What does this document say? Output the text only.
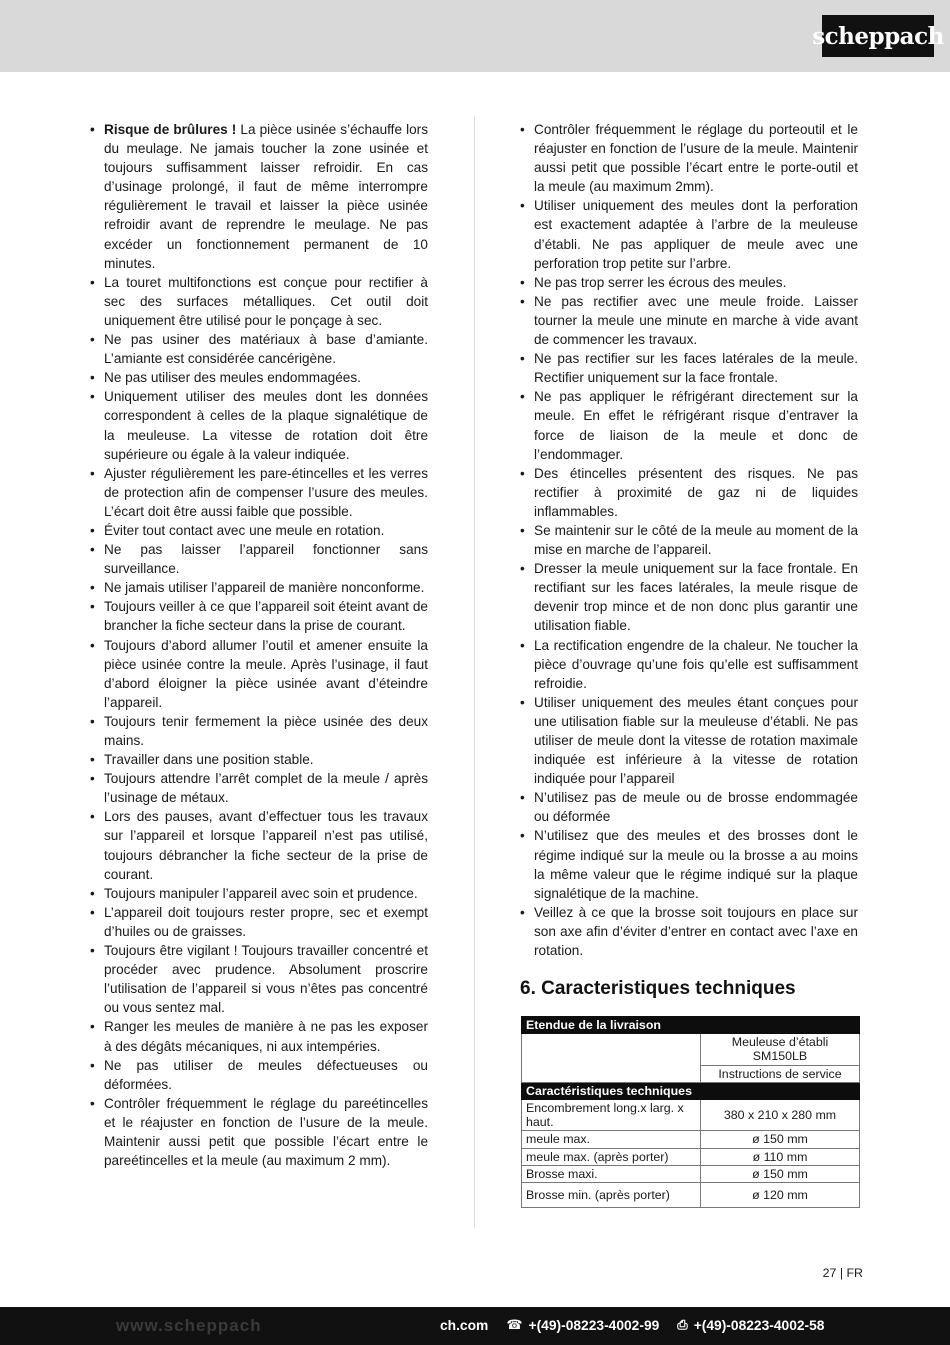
scheppach
• Risque de brûlures ! La pièce usinée s’échauffe lors du meulage. Ne jamais toucher la zone usinée et toujours suffisamment laisser refroidir. En cas d’usinage prolongé, il faut de même interrompre régulièrement le travail et laisser la pièce usinée refroidir avant de reprendre le meulage. Ne pas excéder un fonctionnement permanent de 10 minutes.
• La touret multifonctions est conçue pour rectifier à sec des surfaces métalliques. Cet outil doit uniquement être utilisé pour le ponçage à sec.
• Ne pas usiner des matériaux à base d’amiante. L’amiante est considérée cancérigène.
• Ne pas utiliser des meules endommagées.
• Uniquement utiliser des meules dont les données correspondent à celles de la plaque signalétique de la meuleuse. La vitesse de rotation doit être supérieure ou égale à la valeur indiquée.
• Ajuster régulièrement les pare-étincelles et les verres de protection afin de compenser l’usure des meules. L’écart doit être aussi faible que possible.
• Éviter tout contact avec une meule en rotation.
• Ne pas laisser l’appareil fonctionner sans surveillance.
• Ne jamais utiliser l’appareil de manière nonconforme.
• Toujours veiller à ce que l’appareil soit éteint avant de brancher la fiche secteur dans la prise de courant.
• Toujours d’abord allumer l’outil et amener ensuite la pièce usinée contre la meule. Après l’usinage, il faut d’abord éloigner la pièce usinée avant d’éteindre l’appareil.
• Toujours tenir fermement la pièce usinée des deux mains.
• Travailler dans une position stable.
• Toujours attendre l’arrêt complet de la meule / après l’usinage de métaux.
• Lors des pauses, avant d’effectuer tous les travaux sur l’appareil et lorsque l’appareil n’est pas utilisé, toujours débrancher la fiche secteur de la prise de courant.
• Toujours manipuler l’appareil avec soin et prudence.
• L’appareil doit toujours rester propre, sec et exempt d’huiles ou de graisses.
• Toujours être vigilant ! Toujours travailler concentré et procéder avec prudence. Absolument proscrire l’utilisation de l’appareil si vous n’êtes pas concentré ou vous sentez mal.
• Ranger les meules de manière à ne pas les exposer à des dégâts mécaniques, ni aux intempéries.
• Ne pas utiliser de meules défectueuses ou déformées.
• Contrôler fréquemment le réglage du pareétincelles et le réajuster en fonction de l’usure de la meule. Maintenir aussi petit que possible l’écart entre le pareétincelles et la meule (au maximum 2 mm).
• Contrôler fréquemment le réglage du porteoutil et le réajuster en fonction de l’usure de la meule. Maintenir aussi petit que possible l’écart entre le porte-outil et la meule (au maximum 2mm).
• Utiliser uniquement des meules dont la perforation est exactement adaptée à l’arbre de la meuleuse d’établi. Ne pas appliquer de meule avec une perforation trop petite sur l’arbre.
• Ne pas trop serrer les écrous des meules.
• Ne pas rectifier avec une meule froide. Laisser tourner la meule une minute en marche à vide avant de commencer les travaux.
• Ne pas rectifier sur les faces latérales de la meule. Rectifier uniquement sur la face frontale.
• Ne pas appliquer le réfrigérant directement sur la meule. En effet le réfrigérant risque d’entraver la force de liaison de la meule et donc de l’endommager.
• Des étincelles présentent des risques. Ne pas rectifier à proximité de gaz ni de liquides inflammables.
• Se maintenir sur le côté de la meule au moment de la mise en marche de l’appareil.
• Dresser la meule uniquement sur la face frontale. En rectifiant sur les faces latérales, la meule risque de devenir trop mince et de non donc plus garantir une utilisation fiable.
• La rectification engendre de la chaleur. Ne toucher la pièce d’ouvrage qu’une fois qu’elle est suffisamment refroidie.
• Utiliser uniquement des meules étant conçues pour une utilisation fiable sur la meuleuse d’établi. Ne pas utiliser de meule dont la vitesse de rotation maximale indiquée est inférieure à la vitesse de rotation indiquée pour l’appareil
• N’utilisez pas de meule ou de brosse endommagée ou déformée
• N’utilisez que des meules et des brosses dont le régime indiqué sur la meule ou la brosse a au moins la même valeur que le régime indiqué sur la plaque signalétique de la machine.
• Veillez à ce que la brosse soit toujours en place sur son axe afin d’éviter d’entrer en contact avec l’axe en rotation.
6. Caracteristiques techniques
Etendue de la livraison	
	Meuleuse d’établi SM150LB
	Instructions de service
Caractéristiques techniques	
Encombrement long.x larg. x haut.	380 x 210 x 280 mm
meule max.	ø 150 mm
meule max. (après porter)	ø 110 mm
Brosse maxi.	ø 150 mm
Brosse min. (après porter)	ø 120 mm
27 | FR
www.scheppach	ch.com ☎ +(49)-08223-4002-99 ⎙ +(49)-08223-4002-58
